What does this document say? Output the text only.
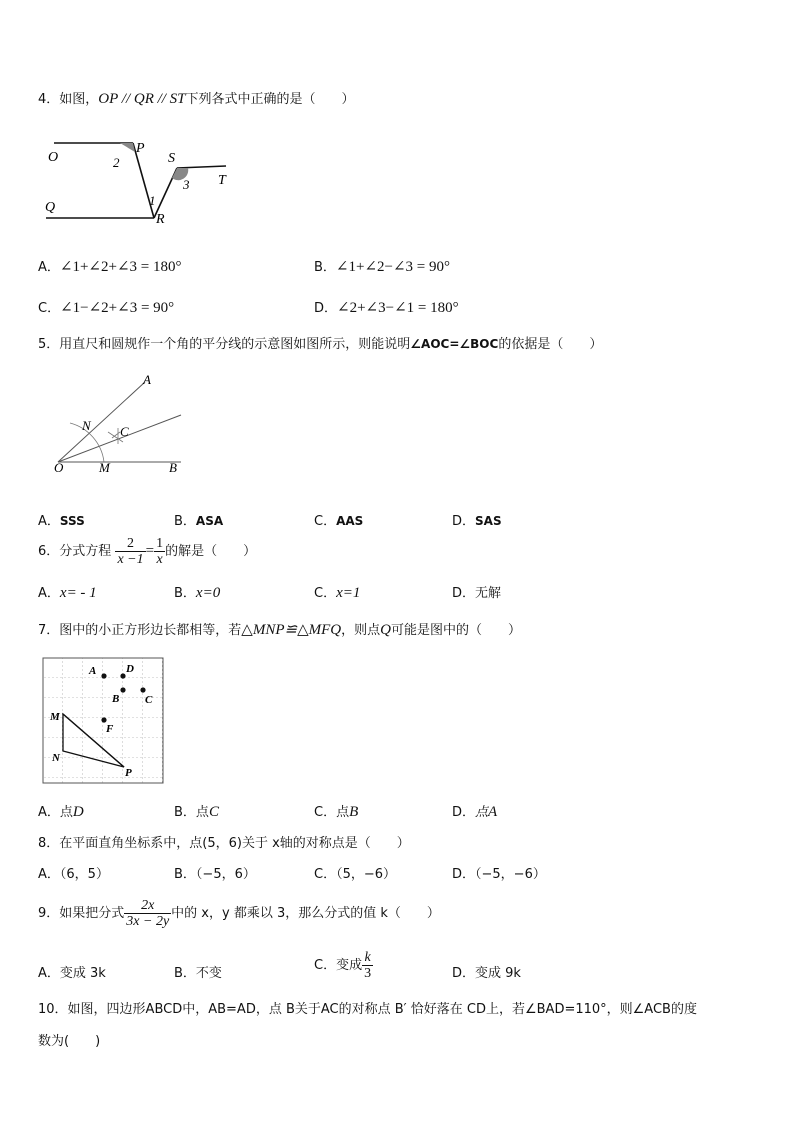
4．如图，OP // QR // ST下列各式中正确的是（　　）
O
P
2	S
3 T
Q	1
R
A．∠1+∠2+∠3 = 180°	B．∠1+∠2−∠3 = 90°
C．∠1−∠2+∠3 = 90°	D．∠2+∠3−∠1 = 180°
5．用直尺和圆规作一个角的平分线的示意图如图所示，则能说明∠AOC=∠BOC的依据是（　　）
A
N C
O	M	B
A．SSS	B．ASA	C．AAS	D．SAS
6．分式方程 $\frac{2}{x -1} = \frac{1}{x}$ 的解是（　　）
A．x= - 1	B．x=0	C．x=1	D．无解
7．图中的小正方形边长都相等，若△MNP≌△MFQ，则点Q可能是图中的（　　）
A	D
B C
M
F
N
P
A．点D	B．点C	C．点B	D．点A
8．在平面直角坐标系中，点(5，6)关于 x轴的对称点是（　　）
A．（6，5）	B．（−5，6）	C．（5，−6）	D．（−5，−6）
9．如果把分式 $\frac{2x}{3x - 2y}$ 中的 x，y 都乘以 3，那么分式的值 k（　　）
A．变成 3k	B．不变
C．变成 $\frac{k}{3}$	D．变成 9k
10．如图，四边形ABCD中，AB=AD，点 B关于AC的对称点 B′ 恰好落在 CD上，若∠BAD=110°，则∠ACB的度
数为(　　)
